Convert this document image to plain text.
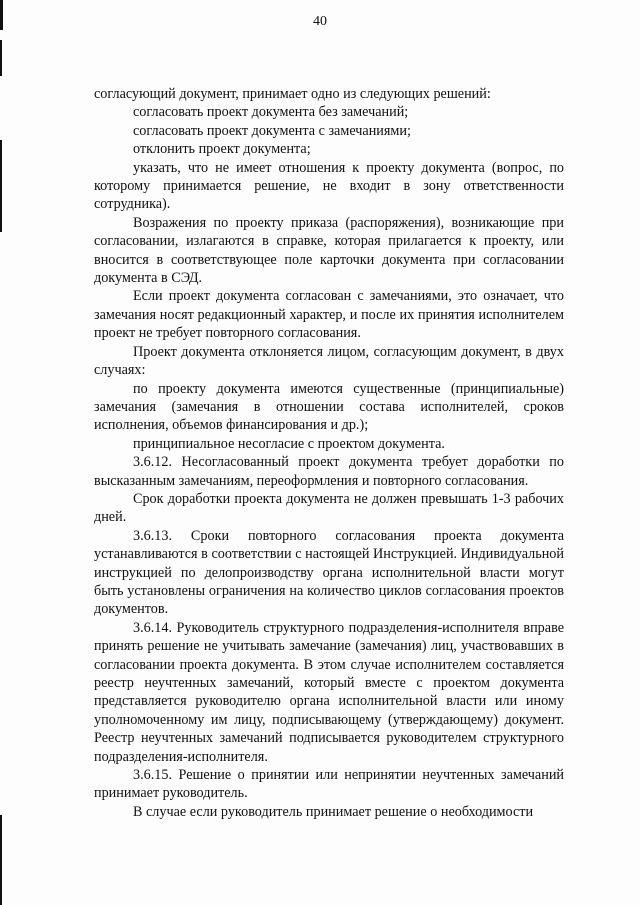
40

согласующий документ, принимает одно из следующих решений:

согласовать проект документа без замечаний;

согласовать проект документа с замечаниями;

отклонить проект документа;

указать, что не имеет отношения к проекту документа (вопрос, по которому принимается решение, не входит в зону ответственности сотрудника).

Возражения по проекту приказа (распоряжения), возникающие при согласовании, излагаются в справке, которая прилагается к проекту, или вносится в соответствующее поле карточки документа при согласовании документа в СЭД.

Если проект документа согласован с замечаниями, это означает, что замечания носят редакционный характер, и после их принятия исполнителем проект не требует повторного согласования.

Проект документа отклоняется лицом, согласующим документ, в двух случаях:

по проекту документа имеются существенные (принципиальные) замечания (замечания в отношении состава исполнителей, сроков исполнения, объемов финансирования и др.);

принципиальное несогласие с проектом документа.

3.6.12. Несогласованный проект документа требует доработки по высказанным замечаниям, переоформления и повторного согласования.

Срок доработки проекта документа не должен превышать 1-3 рабочих дней.

3.6.13. Сроки повторного согласования проекта документа устанавливаются в соответствии с настоящей Инструкцией. Индивидуальной инструкцией по делопроизводству органа исполнительной власти могут быть установлены ограничения на количество циклов согласования проектов документов.

3.6.14. Руководитель структурного подразделения-исполнителя вправе принять решение не учитывать замечание (замечания) лиц, участвовавших в согласовании проекта документа. В этом случае исполнителем составляется реестр неучтенных замечаний, который вместе с проектом документа представляется руководителю органа исполнительной власти или иному уполномоченному им лицу, подписывающему (утверждающему) документ. Реестр неучтенных замечаний подписывается руководителем структурного подразделения-исполнителя.

3.6.15. Решение о принятии или непринятии неучтенных замечаний принимает руководитель.

В случае если руководитель принимает решение о необходимости
